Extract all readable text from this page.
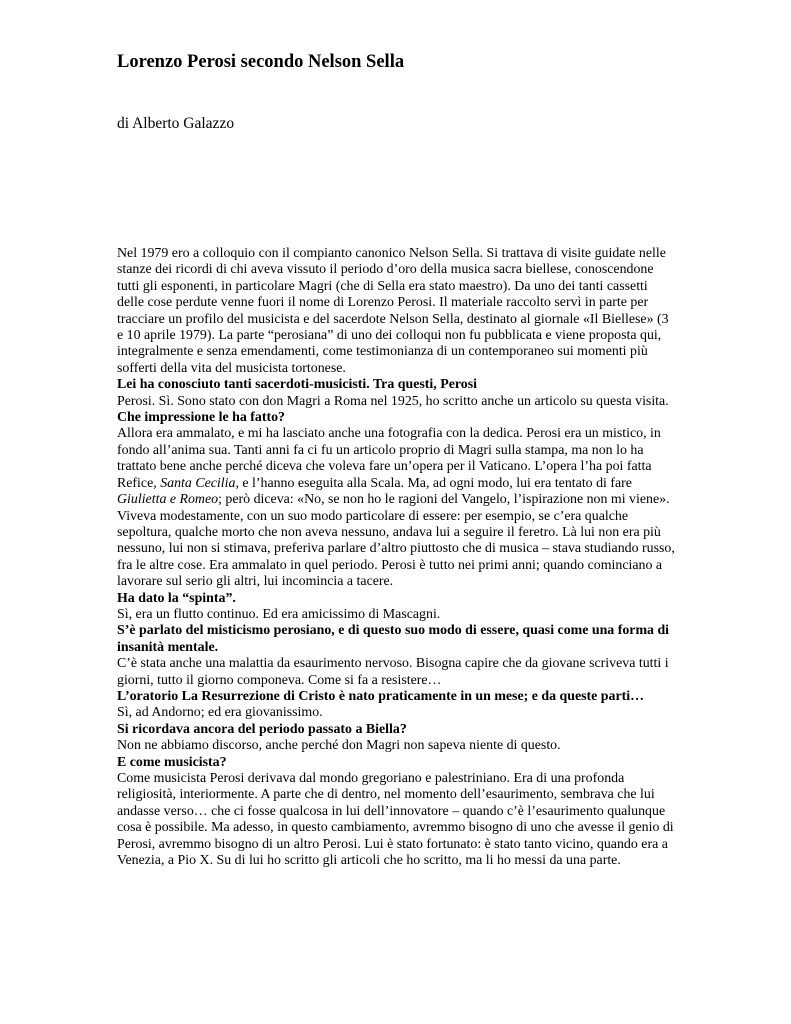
Lorenzo Perosi secondo Nelson Sella

di Alberto Galazzo

Nel 1979 ero a colloquio con il compianto canonico Nelson Sella. Si trattava di visite guidate nelle stanze dei ricordi di chi aveva vissuto il periodo d’oro della musica sacra biellese, conoscendone tutti gli esponenti, in particolare Magri (che di Sella era stato maestro). Da uno dei tanti cassetti delle cose perdute venne fuori il nome di Lorenzo Perosi. Il materiale raccolto servì in parte per tracciare un profilo del musicista e del sacerdote Nelson Sella, destinato al giornale «Il Biellese» (3 e 10 aprile 1979). La parte “perosiana” di uno dei colloqui non fu pubblicata e viene proposta qui, integralmente e senza emendamenti, come testimonianza di un contemporaneo sui momenti più sofferti della vita del musicista tortonese.

Lei ha conosciuto tanti sacerdoti-musicisti. Tra questi, Perosi

Perosi. Sì. Sono stato con don Magri a Roma nel 1925, ho scritto anche un articolo su questa visita.

Che impressione le ha fatto?

Allora era ammalato, e mi ha lasciato anche una fotografia con la dedica. Perosi era un mistico, in fondo all’anima sua. Tanti anni fa ci fu un articolo proprio di Magri sulla stampa, ma non lo ha trattato bene anche perché diceva che voleva fare un’opera per il Vaticano. L’opera l’ha poi fatta Refice, Santa Cecilia, e l’hanno eseguita alla Scala. Ma, ad ogni modo, lui era tentato di fare Giulietta e Romeo; però diceva: «No, se non ho le ragioni del Vangelo, l’ispirazione non mi viene». Viveva modestamente, con un suo modo particolare di essere: per esempio, se c’era qualche sepoltura, qualche morto che non aveva nessuno, andava lui a seguire il feretro. Là lui non era più nessuno, lui non si stimava, preferiva parlare d’altro piuttosto che di musica – stava studiando russo, fra le altre cose. Era ammalato in quel periodo. Perosi è tutto nei primi anni; quando cominciano a lavorare sul serio gli altri, lui incomincia a tacere.

Ha dato la “spinta”.

Sì, era un flutto continuo. Ed era amicissimo di Mascagni.

S’è parlato del misticismo perosiano, e di questo suo modo di essere, quasi come una forma di insanità mentale.

C’è stata anche una malattia da esaurimento nervoso. Bisogna capire che da giovane scriveva tutti i giorni, tutto il giorno componeva. Come si fa a resistere…

L’oratorio La Resurrezione di Cristo è nato praticamente in un mese; e da queste parti…

Sì, ad Andorno; ed era giovanissimo.

Si ricordava ancora del periodo passato a Biella?

Non ne abbiamo discorso, anche perché don Magri non sapeva niente di questo.

E come musicista?

Come musicista Perosi derivava dal mondo gregoriano e palestriniano. Era di una profonda religiosità, interiormente. A parte che di dentro, nel momento dell’esaurimento, sembrava che lui andasse verso… che ci fosse qualcosa in lui dell’innovatore – quando c’è l’esaurimento qualunque cosa è possibile. Ma adesso, in questo cambiamento, avremmo bisogno di uno che avesse il genio di Perosi, avremmo bisogno di un altro Perosi. Lui è stato fortunato: è stato tanto vicino, quando era a Venezia, a Pio X. Su di lui ho scritto gli articoli che ho scritto, ma li ho messi da una parte.
